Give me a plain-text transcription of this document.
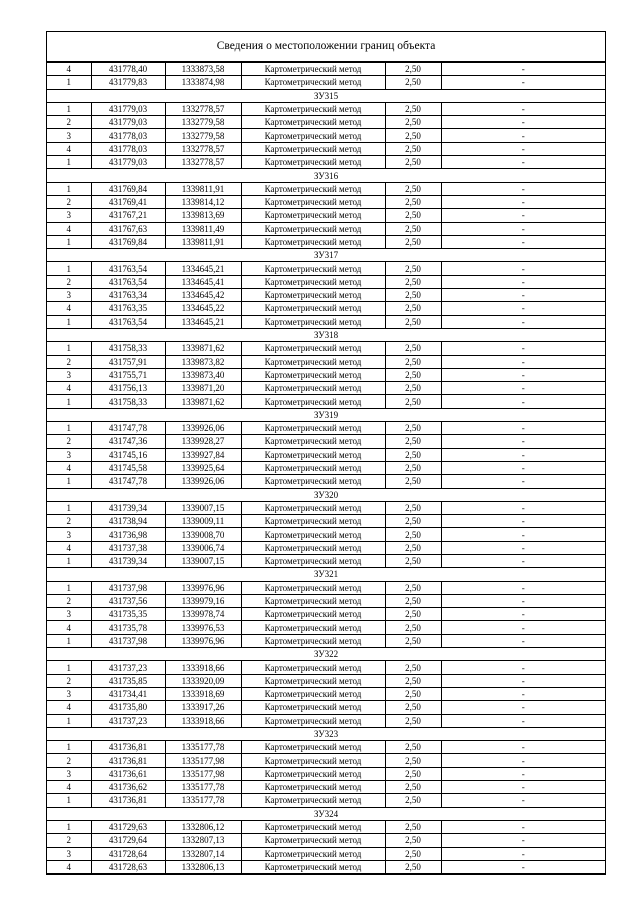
Сведения о местоположении границ объекта
4	431778,40	1333873,58	Картометрический метод	2,50	-
1	431779,83	1333874,98	Картометрический метод	2,50	-
ЗУ315					
1	431779,03	1332778,57	Картометрический метод	2,50	-
2	431779,03	1332779,58	Картометрический метод	2,50	-
3	431778,03	1332779,58	Картометрический метод	2,50	-
4	431778,03	1332778,57	Картометрический метод	2,50	-
1	431779,03	1332778,57	Картометрический метод	2,50	-
ЗУ316					
1	431769,84	1339811,91	Картометрический метод	2,50	-
2	431769,41	1339814,12	Картометрический метод	2,50	-
3	431767,21	1339813,69	Картометрический метод	2,50	-
4	431767,63	1339811,49	Картометрический метод	2,50	-
1	431769,84	1339811,91	Картометрический метод	2,50	-
ЗУ317					
1	431763,54	1334645,21	Картометрический метод	2,50	-
2	431763,54	1334645,41	Картометрический метод	2,50	-
3	431763,34	1334645,42	Картометрический метод	2,50	-
4	431763,35	1334645,22	Картометрический метод	2,50	-
1	431763,54	1334645,21	Картометрический метод	2,50	-
ЗУ318					
1	431758,33	1339871,62	Картометрический метод	2,50	-
2	431757,91	1339873,82	Картометрический метод	2,50	-
3	431755,71	1339873,40	Картометрический метод	2,50	-
4	431756,13	1339871,20	Картометрический метод	2,50	-
1	431758,33	1339871,62	Картометрический метод	2,50	-
ЗУ319					
1	431747,78	1339926,06	Картометрический метод	2,50	-
2	431747,36	1339928,27	Картометрический метод	2,50	-
3	431745,16	1339927,84	Картометрический метод	2,50	-
4	431745,58	1339925,64	Картометрический метод	2,50	-
1	431747,78	1339926,06	Картометрический метод	2,50	-
ЗУ320					
1	431739,34	1339007,15	Картометрический метод	2,50	-
2	431738,94	1339009,11	Картометрический метод	2,50	-
3	431736,98	1339008,70	Картометрический метод	2,50	-
4	431737,38	1339006,74	Картометрический метод	2,50	-
1	431739,34	1339007,15	Картометрический метод	2,50	-
ЗУ321					
1	431737,98	1339976,96	Картометрический метод	2,50	-
2	431737,56	1339979,16	Картометрический метод	2,50	-
3	431735,35	1339978,74	Картометрический метод	2,50	-
4	431735,78	1339976,53	Картометрический метод	2,50	-
1	431737,98	1339976,96	Картометрический метод	2,50	-
ЗУ322					
1	431737,23	1333918,66	Картометрический метод	2,50	-
2	431735,85	1333920,09	Картометрический метод	2,50	-
3	431734,41	1333918,69	Картометрический метод	2,50	-
4	431735,80	1333917,26	Картометрический метод	2,50	-
1	431737,23	1333918,66	Картометрический метод	2,50	-
ЗУ323					
1	431736,81	1335177,78	Картометрический метод	2,50	-
2	431736,81	1335177,98	Картометрический метод	2,50	-
3	431736,61	1335177,98	Картометрический метод	2,50	-
4	431736,62	1335177,78	Картометрический метод	2,50	-
1	431736,81	1335177,78	Картометрический метод	2,50	-
ЗУ324					
1	431729,63	1332806,12	Картометрический метод	2,50	-
2	431729,64	1332807,13	Картометрический метод	2,50	-
3	431728,64	1332807,14	Картометрический метод	2,50	-
4	431728,63	1332806,13	Картометрический метод	2,50	-
